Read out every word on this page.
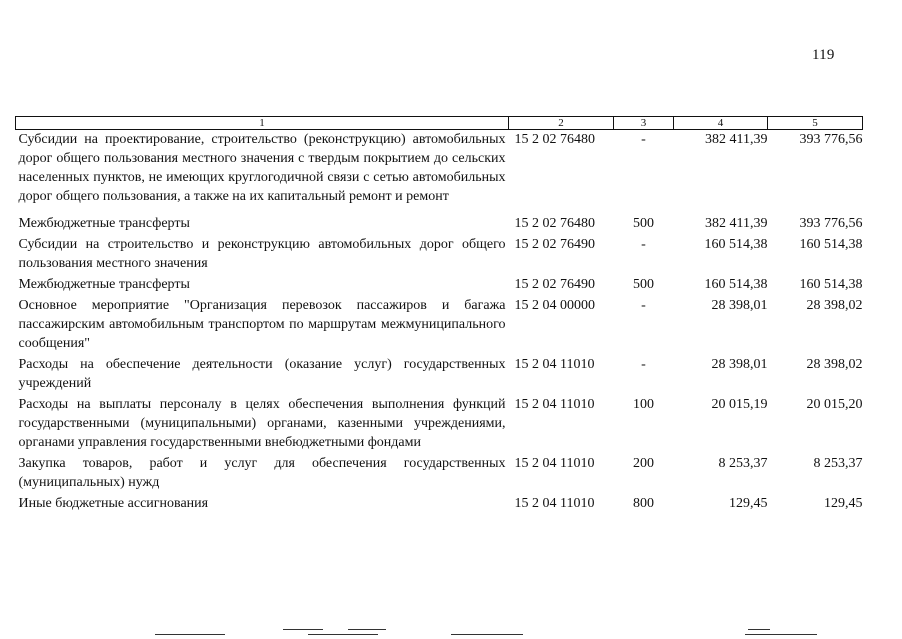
119
1	2	3	4	5
Субсидии на проектирование, строительство (реконструкцию) автомобильных дорог общего пользования местного значения с твердым покрытием до сельских населенных пунктов, не имеющих круглогодичной связи с сетью автомобильных дорог общего пользования, а также на их капитальный ремонт и ремонт	15 2 02 76480	-	382 411,39	393 776,56
Межбюджетные трансферты	15 2 02 76480	500	382 411,39	393 776,56
Субсидии на строительство и реконструкцию автомобильных дорог общего пользования местного значения	15 2 02 76490	-	160 514,38	160 514,38
Межбюджетные трансферты	15 2 02 76490	500	160 514,38	160 514,38
Основное мероприятие "Организация перевозок пассажиров и багажа пассажирским автомобильным транспортом по маршрутам межмуниципального сообщения"	15 2 04 00000	-	28 398,01	28 398,02
Расходы на обеспечение деятельности (оказание услуг) государственных учреждений	15 2 04 11010	-	28 398,01	28 398,02
Расходы на выплаты персоналу в целях обеспечения выполнения функций государственными (муниципальными) органами, казенными учреждениями, органами управления государственными внебюджетными фондами	15 2 04 11010	100	20 015,19	20 015,20
Закупка товаров, работ и услуг для обеспечения государственных (муниципальных) нужд	15 2 04 11010	200	8 253,37	8 253,37
Иные бюджетные ассигнования	15 2 04 11010	800	129,45	129,45
